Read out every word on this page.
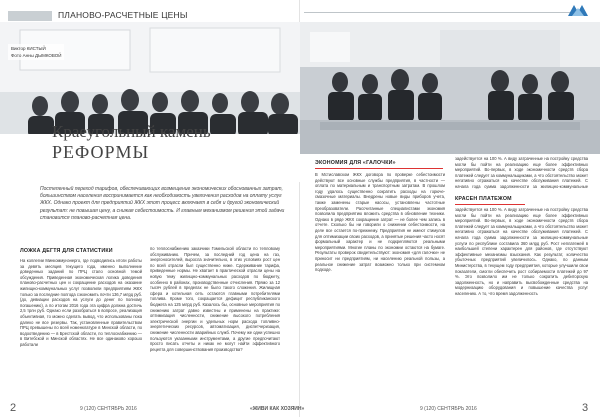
ПЛАНОВО-РАСЧЕТНЫЕ ЦЕНЫ
Виктор КИСТЫЙ
Фото Анны ДЫМКОВОЙ
Краеугольный камень
РЕФОРМЫ
Постепенный переход тарифов, обеспечивающих возмещение экономических обоснованных затрат, большинством населения воспринимается как необходимость увеличения расходов на оплату услуг ЖКХ. Однако проект для предприятий ЖКХ этот процесс включает в себя и другой экономический результат: не повышая цену, а снижая себестоимость. И главным механизмом решения этой задачи становится планово-расчетная цена.
ЛОЖКА ДЕГТЯ ДЛЯ СТАТИСТИКИ
На коллегии Минкоммунэнерго, где подводились итоги работы за девять месяцев текущего года, именно выполнение доведенных заданий по ПРЦ стало основной темой обсуждения. Приведенная экономическая логика доведения планово-расчетных цен и сокращение расходов на оказание жилищно-коммунальных услуг позволили предприятиям ЖКХ только за последние полгода сэкономить почти 136,7 млрд руб. (до, девиации расходов на услуги до денег по полному погашению), а по итогам 2016 года эта цифра должна достичь 2,5 трлн руб. Однако если разобраться в вопросе, реализация объективная, то можно сделать вывод, что использованы пока далеко не все резервы. Так, установленные правительством ПРЦ превышены по всей номенклатуре в Минской области, по водоотведению — в Брестской области, по теплоснабжению — в Витебской и Минской областях. Не все одинаково хорошо работали
по теплоснабжению заказчики Гомельской области по тепловому обслуживанию. Причем, за последний год цена на газ, энергоносителей, выросла значительно, в этих условиях рост цен по всей отрасли был существенно ниже. Сдерживание тарифа, приведенные нормы. Не хватает в практической отрасли цены на новую тему жилищно-коммунальных расходов по бюджету, особенно в районах, производственные отчисления. Прямо за 12 тысяч рублей в пределах не было такого сложения. Жилищная сфера и котельная сеть остаются главными потребителями топлива. Кроме того, сокращается дефицит республиканского бюджета на 125 млрд руб. Казалось бы, основные мероприятия по снижению затрат давно известны и применены на практике: оптимизация численности, снижение высокого потребления электрической энергии и удельных норм расхода топливно-энергетических ресурсов, автоматизация, диспетчеризация, снижение численности аварийных служб. Почему же одни успешно пользуются указанными инструментами, а другие предпочитают просто писать отчеты и никак не могут найти эффективного рецепта для совершенствования производства?
ЭКОНОМИЯ ДЛЯ «ГАЛОЧКИ»
В Мстиславском ЖКХ договора по проверке себестоимости действуют все основные службы предприятия, в частности — оплата по материальным и транспортным затратам. В прошлом году удалось существенно сократить расходы на горюче-смазочные материалы. Внедрены новые виды приборов учета, также заменены старые насосы, установлены частотные преобразователи. Рассчитанные специалистами экономия позволила предприятию вложить средства в обновление техники. Однако в ряде ЖКХ сокращение затрат — не более чем запись в отчете. Сколько бы ни говорили о снижении себестоимости, на деле все остается по-прежнему. Предприятия не имеют стимулов для оптимизации своих расходов, а принятые решения часто носят формальный характер и не подкрепляются реальными мероприятиями. Многие планы по экономии остаются на бумаге. Результаты проверок свидетельствуют: экономия «для галочки» не приносит ни предприятиям, ни населению реальной пользы, а реальное снижение затрат возможно только при системном подходе.
задействуется на 100 %. А виду затраченные на постройку средства могли бы пойти на реализацию еще более эффективных мероприятий. Во-первых, в ходе экономичности средств сбора платежей следует за коммунальщиками, а что обстоятельство может негативно отражаться на качестве обслуживания платежей. С начала года сумма задолженности за жилищно-коммунальные
КРАСЕН ПЛАТЕЖОМ
задействуется на 100 %. А виду затраченные на постройку средства могли бы пойти на реализацию еще более эффективных мероприятий. Во-первых, в ходе экономичности средств сбора платежей следует за коммунальщиками, а что обстоятельство может негативно отражаться на качестве обслуживания платежей. С начала года сумма задолженности за жилищно-коммунальные услуги по республике составила 360 млрд руб. Рост неплатежей в наибольшей степени характерен для районов, где отсутствуют эффективные механизмы взыскания. Как результат, количество убыточных предприятий увеличилось. Однако, по данным Министерства, в текущем году предприятия, которые улучшили свои показатели, смогли обеспечить рост собираемости платежей до 97 %. Это позволило им не только сократить дебиторскую задолженность, но и направить высвобожденные средства на модернизацию оборудования и повышение качества услуг населению. А то, что время задолженность
2	9 (120) СЕНТЯБРЬ 2016	«ЖИВИ КАК ХОЗЯИН»	9 (120) СЕНТЯБРЬ 2016	3
